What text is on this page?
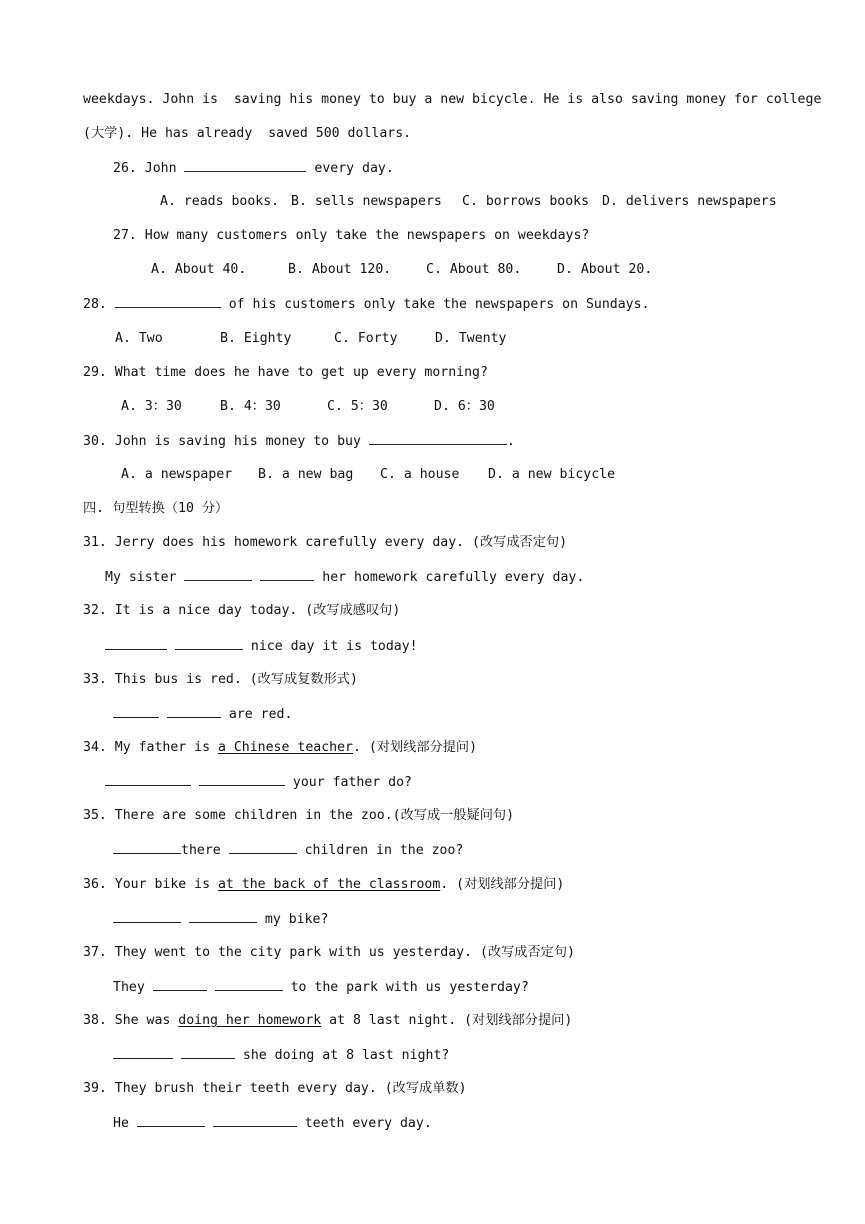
weekdays. John is  saving his money to buy a new bicycle. He is also saving money for college
(大学). He has already  saved 500 dollars.
26. John	every day.
A. reads books. B. sells newspapers C. borrows books D. delivers newspapers
27. How many customers only take the newspapers on weekdays?
A. About 40.	B. About 120.	C. About 80.	D. About 20.
28.	of his customers only take the newspapers on Sundays.
A. Two	B. Eighty	C. Forty	D. Twenty
29. What time does he have to get up every morning?
A. 3：30	B. 4：30	C. 5：30	D. 6：30
30. John is saving his money to buy	.
A. a newspaper B. a new bag C. a house D. a new bicycle
四. 句型转换（10 分）
31. Jerry does his homework carefully every day. (改写成否定句)
My sister	her homework carefully every day.
32. It is a nice day today. (改写成感叹句)
nice day it is today!
33. This bus is red. (改写成复数形式)
are red.
34. My father is a Chinese teacher. (对划线部分提问)
your father do?
35. There are some children in the zoo.(改写成一般疑问句)
there	children in the zoo?
36. Your bike is at the back of the classroom. (对划线部分提问)
my bike?
37. They went to the city park with us yesterday. (改写成否定句)
They	to the park with us yesterday?
38. She was doing her homework at 8 last night. (对划线部分提问)
she doing at 8 last night?
39. They brush their teeth every day. (改写成单数)
He	teeth every day.
